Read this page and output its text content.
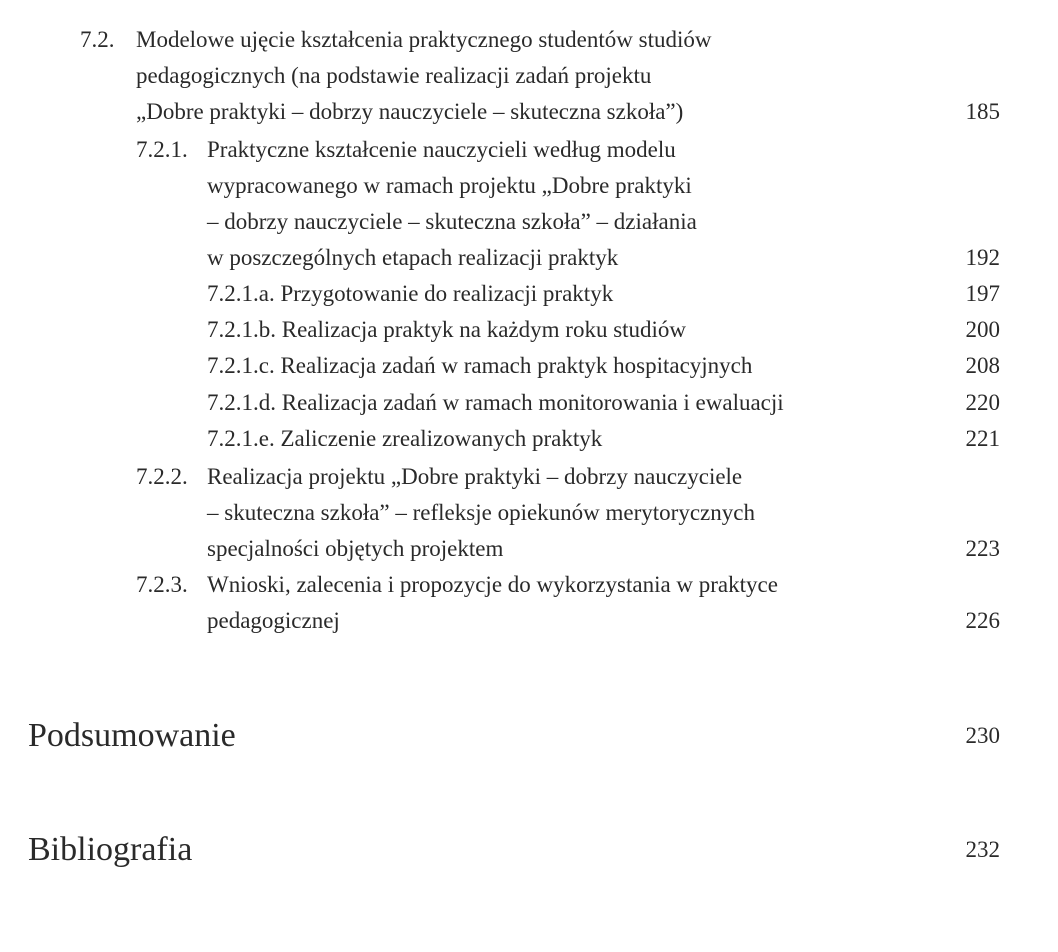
7.2. Modelowe ujęcie kształcenia praktycznego studentów studiów
pedagogicznych (na podstawie realizacji zadań projektu
„Dobre praktyki – dobrzy nauczyciele – skuteczna szkoła”)	185
7.2.1. Praktyczne kształcenie nauczycieli według modelu
wypracowanego w ramach projektu „Dobre praktyki
– dobrzy nauczyciele – skuteczna szkoła” – działania
w poszczególnych etapach realizacji praktyk	192
7.2.1.a. Przygotowanie do realizacji praktyk	197
7.2.1.b. Realizacja praktyk na każdym roku studiów	200
7.2.1.c. Realizacja zadań w ramach praktyk hospitacyjnych	208
7.2.1.d. Realizacja zadań w ramach monitorowania i ewaluacji	220
7.2.1.e. Zaliczenie zrealizowanych praktyk	221
7.2.2. Realizacja projektu „Dobre praktyki – dobrzy nauczyciele
– skuteczna szkoła” – refleksje opiekunów merytorycznych
specjalności objętych projektem	223
7.2.3. Wnioski, zalecenia i propozycje do wykorzystania w praktyce
pedagogicznej	226
Podsumowanie	230
Bibliografia	232
